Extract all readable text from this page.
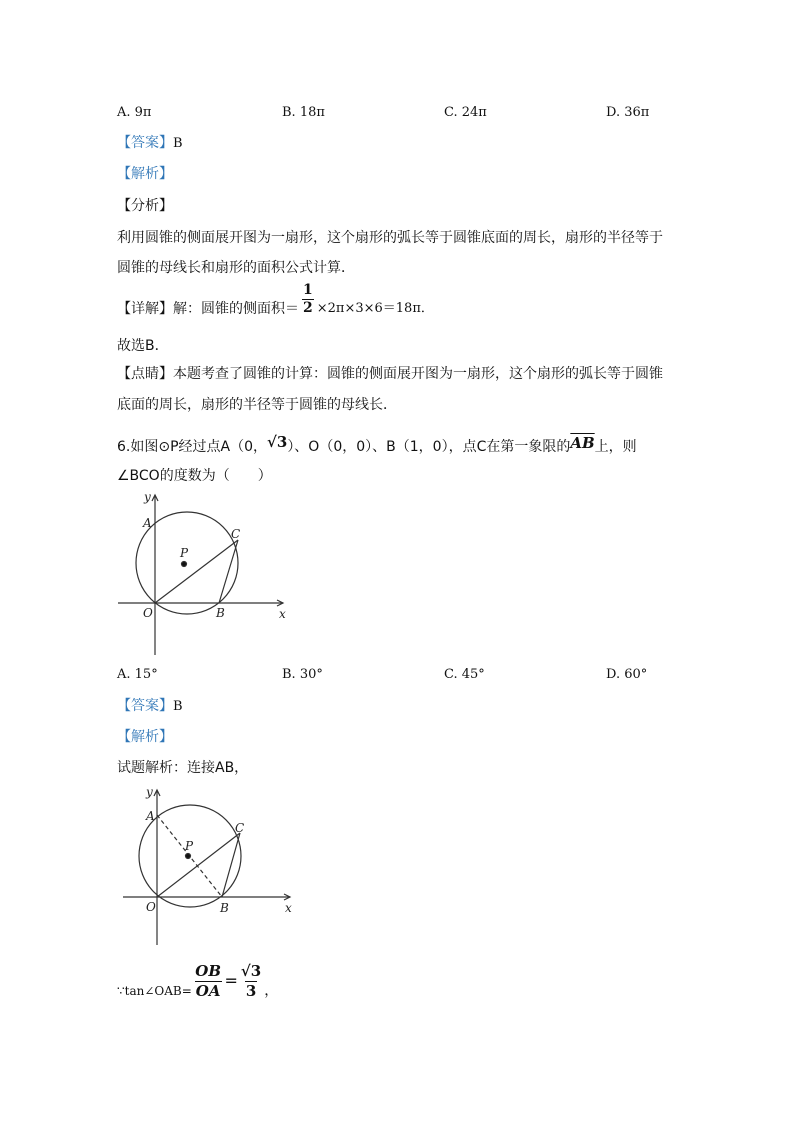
A. 9π	B. 18π	C. 24π	D. 36π
【答案】B
【解析】
【分析】
利用圆锥的侧面展开图为一扇形，这个扇形的弧长等于圆锥底面的周长，扇形的半径等于
圆锥的母线长和扇形的面积公式计算．
【详解】 解：圆锥的侧面积＝ $\frac{1}{2} \times 2\pi\times 3\times 6=18\pi$．
故选B．
【点睛】本题考查了圆锥的计算：圆锥的侧面展开图为一扇形，这个扇形的弧长等于圆锥
底面的周长，扇形的半径等于圆锥的母线长．
6.如图⊙P经过点A（0，√3）、O（0，0）、B（1，0），点C在第一象限的$\overline{AB}$上，则
∠BCO的度数为（　　）
y
A
P
C
O	B	x
y
A
P
C
O	B	x
A. 15°	B. 30°	C. 45°	D. 60°
【答案】B
【解析】
试题解析：连接AB，
∵tan∠OAB= $\frac{OB}{OA} = \frac{√3}{3}$ ，
